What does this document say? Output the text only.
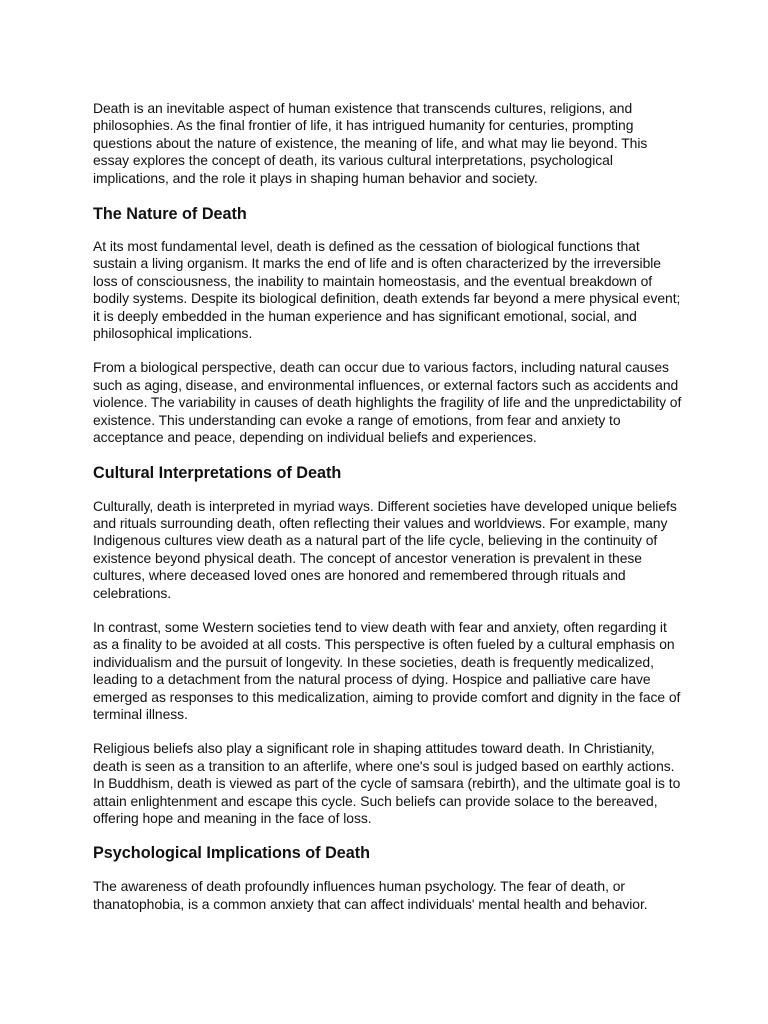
Death is an inevitable aspect of human existence that transcends cultures, religions, and philosophies. As the final frontier of life, it has intrigued humanity for centuries, prompting questions about the nature of existence, the meaning of life, and what may lie beyond. This essay explores the concept of death, its various cultural interpretations, psychological implications, and the role it plays in shaping human behavior and society.

The Nature of Death

At its most fundamental level, death is defined as the cessation of biological functions that sustain a living organism. It marks the end of life and is often characterized by the irreversible loss of consciousness, the inability to maintain homeostasis, and the eventual breakdown of bodily systems. Despite its biological definition, death extends far beyond a mere physical event; it is deeply embedded in the human experience and has significant emotional, social, and philosophical implications.

From a biological perspective, death can occur due to various factors, including natural causes such as aging, disease, and environmental influences, or external factors such as accidents and violence. The variability in causes of death highlights the fragility of life and the unpredictability of existence. This understanding can evoke a range of emotions, from fear and anxiety to acceptance and peace, depending on individual beliefs and experiences.

Cultural Interpretations of Death

Culturally, death is interpreted in myriad ways. Different societies have developed unique beliefs and rituals surrounding death, often reflecting their values and worldviews. For example, many Indigenous cultures view death as a natural part of the life cycle, believing in the continuity of existence beyond physical death. The concept of ancestor veneration is prevalent in these cultures, where deceased loved ones are honored and remembered through rituals and celebrations.

In contrast, some Western societies tend to view death with fear and anxiety, often regarding it as a finality to be avoided at all costs. This perspective is often fueled by a cultural emphasis on individualism and the pursuit of longevity. In these societies, death is frequently medicalized, leading to a detachment from the natural process of dying. Hospice and palliative care have emerged as responses to this medicalization, aiming to provide comfort and dignity in the face of terminal illness.

Religious beliefs also play a significant role in shaping attitudes toward death. In Christianity, death is seen as a transition to an afterlife, where one's soul is judged based on earthly actions. In Buddhism, death is viewed as part of the cycle of samsara (rebirth), and the ultimate goal is to attain enlightenment and escape this cycle. Such beliefs can provide solace to the bereaved, offering hope and meaning in the face of loss.

Psychological Implications of Death

The awareness of death profoundly influences human psychology. The fear of death, or thanatophobia, is a common anxiety that can affect individuals' mental health and behavior.
